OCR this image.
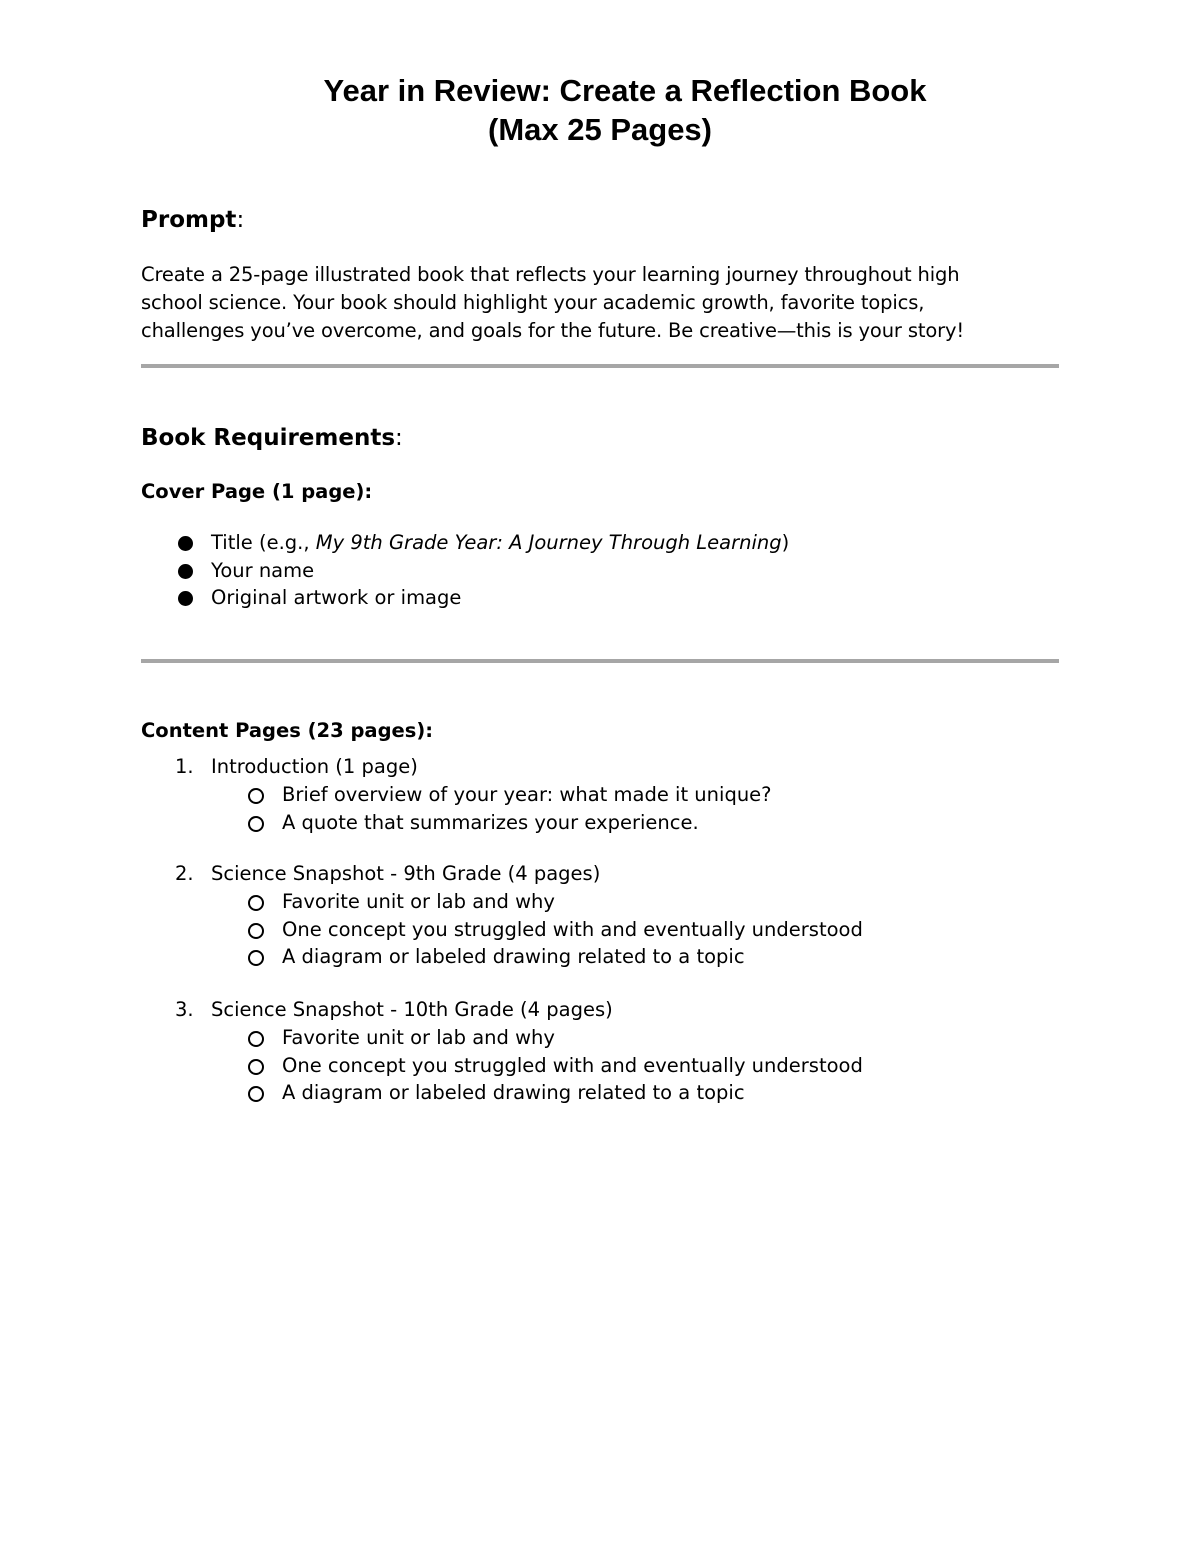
Year in Review: Create a Reflection Book
(Max 25 Pages)
Prompt:

Create a 25-page illustrated book that reflects your learning journey throughout high

school science. Your book should highlight your academic growth, favorite topics,

challenges you’ve overcome, and goals for the future. Be creative—this is your story!

Book Requirements:
Cover Page (1 page):
Title (e.g., My 9th Grade Year: A Journey Through Learning)
Your name
Original artwork or image
Content Pages (23 pages):
1. Introduction (1 page)
Brief overview of your year: what made it unique?
A quote that summarizes your experience.
2. Science Snapshot - 9th Grade (4 pages)
Favorite unit or lab and why
One concept you struggled with and eventually understood
A diagram or labeled drawing related to a topic
3. Science Snapshot - 10th Grade (4 pages)
Favorite unit or lab and why
One concept you struggled with and eventually understood
A diagram or labeled drawing related to a topic
